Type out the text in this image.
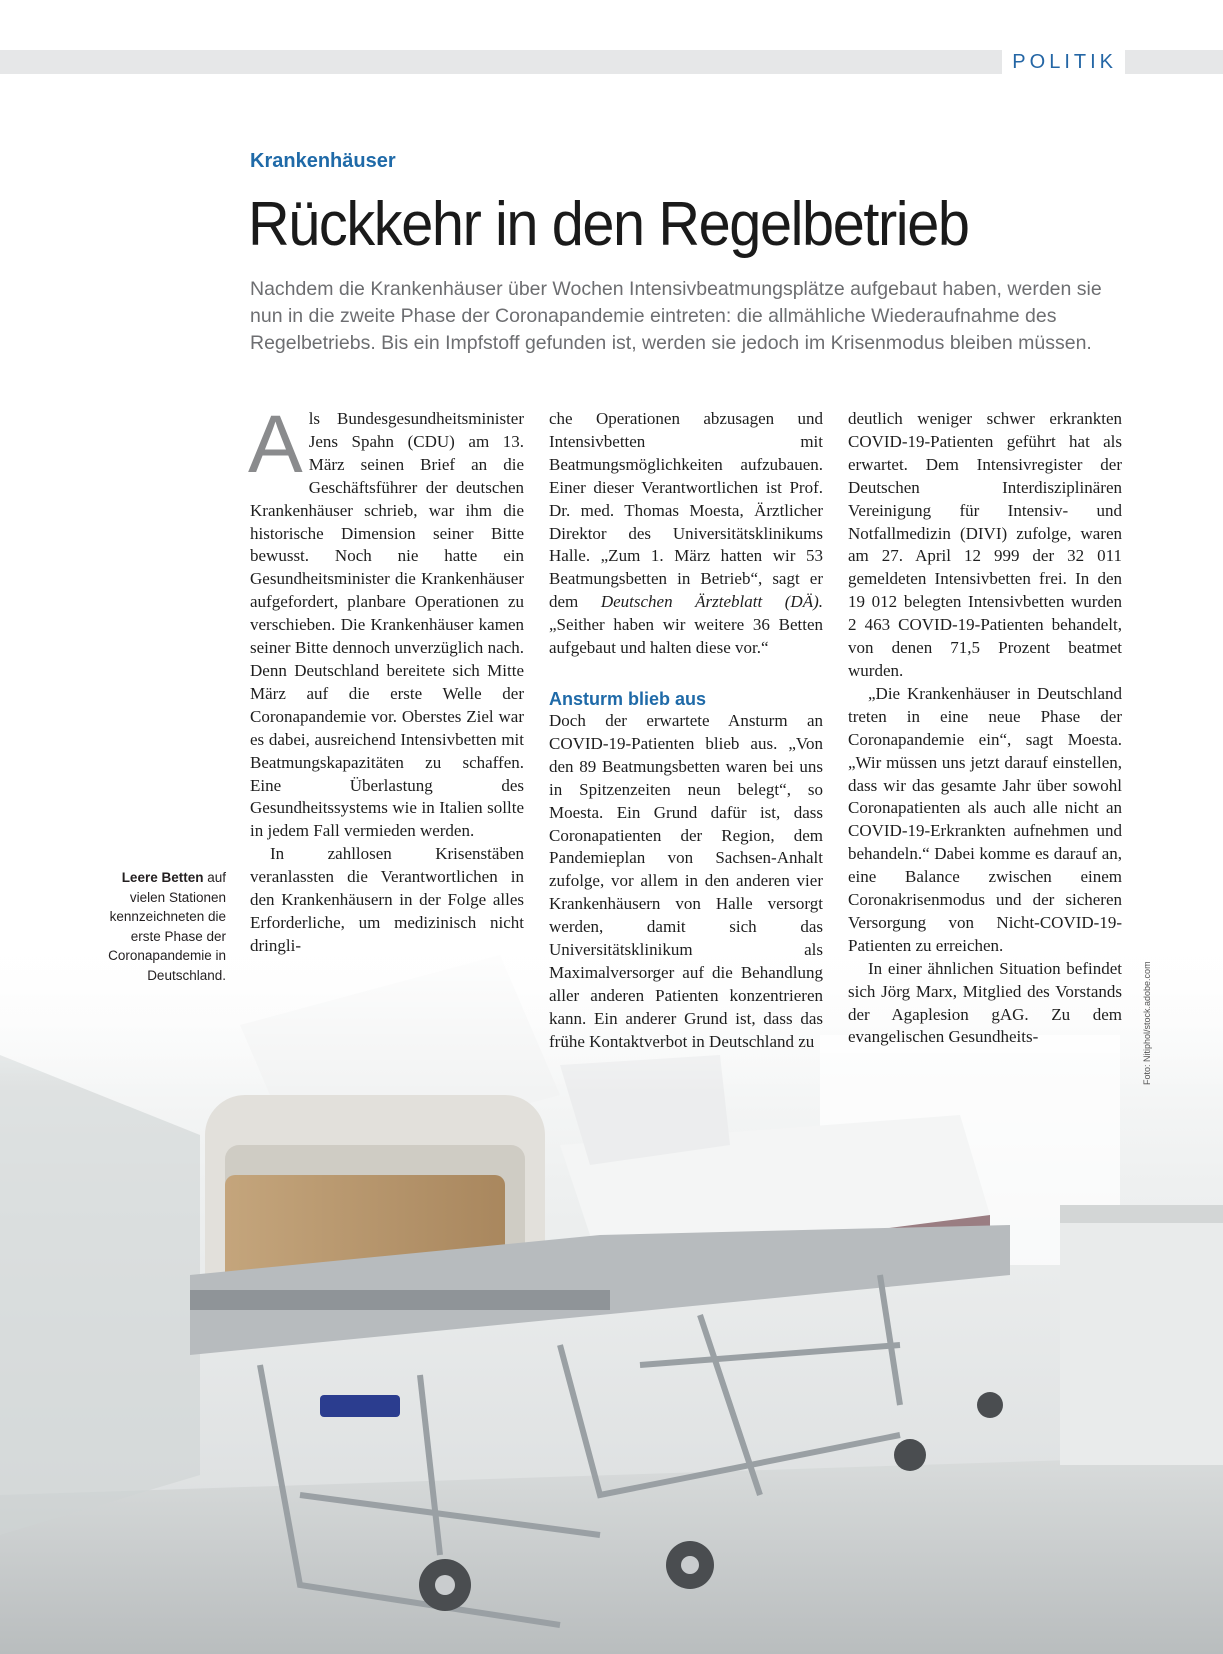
POLITIK
Krankenhäuser
Rückkehr in den Regelbetrieb
Nachdem die Krankenhäuser über Wochen Intensivbeatmungsplätze aufgebaut haben, werden sie nun in die zweite Phase der Coronapandemie eintreten: die allmähliche Wiederaufnahme des Regelbetriebs. Bis ein Impfstoff gefunden ist, werden sie jedoch im Krisenmodus bleiben müssen.
Leere Betten auf vielen Stationen kennzeichneten die erste Phase der Coronapandemie in Deutschland.	Foto: Nitiphol/stock.adobe.com
A ls Bundesgesundheitsminister Jens Spahn (CDU) am 13. März seinen Brief an die Geschäftsführer der deutschen Krankenhäuser schrieb, war ihm die historische Dimension seiner Bitte bewusst. Noch nie hatte ein Gesundheitsminister die Krankenhäuser aufgefordert, planbare Operationen zu verschieben. Die Krankenhäuser kamen seiner Bitte dennoch unverzüglich nach. Denn Deutschland bereitete sich Mitte März auf die erste Welle der Coronapandemie vor. Oberstes Ziel war es dabei, ausreichend Intensivbetten mit Beatmungskapazitäten zu schaffen. Eine Überlastung des Gesundheitssystems wie in Italien sollte in jedem Fall vermieden werden.

In zahllosen Krisenstäben veranlassten die Verantwortlichen in den Krankenhäusern in der Folge alles Erforderliche, um medizinisch nicht dringli-

che Operationen abzusagen und Intensivbetten mit Beatmungsmöglichkeiten aufzubauen. Einer dieser Verantwortlichen ist Prof. Dr. med. Thomas Moesta, Ärztlicher Direktor des Universitätsklinikums Halle. „Zum 1. März hatten wir 53 Beatmungsbetten in Betrieb“, sagt er dem Deutschen Ärzteblatt (DÄ). „Seither haben wir weitere 36 Betten aufgebaut und halten diese vor.“

Ansturm blieb aus

Doch der erwartete Ansturm an COVID-19-Patienten blieb aus. „Von den 89 Beatmungsbetten waren bei uns in Spitzenzeiten neun belegt“, so Moesta. Ein Grund dafür ist, dass Coronapatienten der Region, dem Pandemieplan von Sachsen-Anhalt zufolge, vor allem in den anderen vier Krankenhäusern von Halle versorgt werden, damit sich das Universitätsklinikum als Maximalversorger auf die Behandlung aller anderen Patienten konzentrieren kann. Ein anderer Grund ist, dass das frühe Kontaktverbot in Deutschland zu

deutlich weniger schwer erkrankten COVID-19-Patienten geführt hat als erwartet. Dem Intensivregister der Deutschen Interdisziplinären Vereinigung für Intensiv- und Notfallmedizin (DIVI) zufolge, waren am 27. April 12 999 der 32 011 gemeldeten Intensivbetten frei. In den 19 012 belegten Intensivbetten wurden 2 463 COVID-19-Patienten behandelt, von denen 71,5 Prozent beatmet wurden.

„Die Krankenhäuser in Deutschland treten in eine neue Phase der Coronapandemie ein“, sagt Moesta. „Wir müssen uns jetzt darauf einstellen, dass wir das gesamte Jahr über sowohl Coronapatienten als auch alle nicht an COVID-19-Erkrankten aufnehmen und behandeln.“ Dabei komme es darauf an, eine Balance zwischen einem Coronakrisenmodus und der sicheren Versorgung von Nicht-COVID-19-Patienten zu erreichen.

In einer ähnlichen Situation befindet sich Jörg Marx, Mitglied des Vorstands der Agaplesion gAG. Zu dem evangelischen Gesundheits-
